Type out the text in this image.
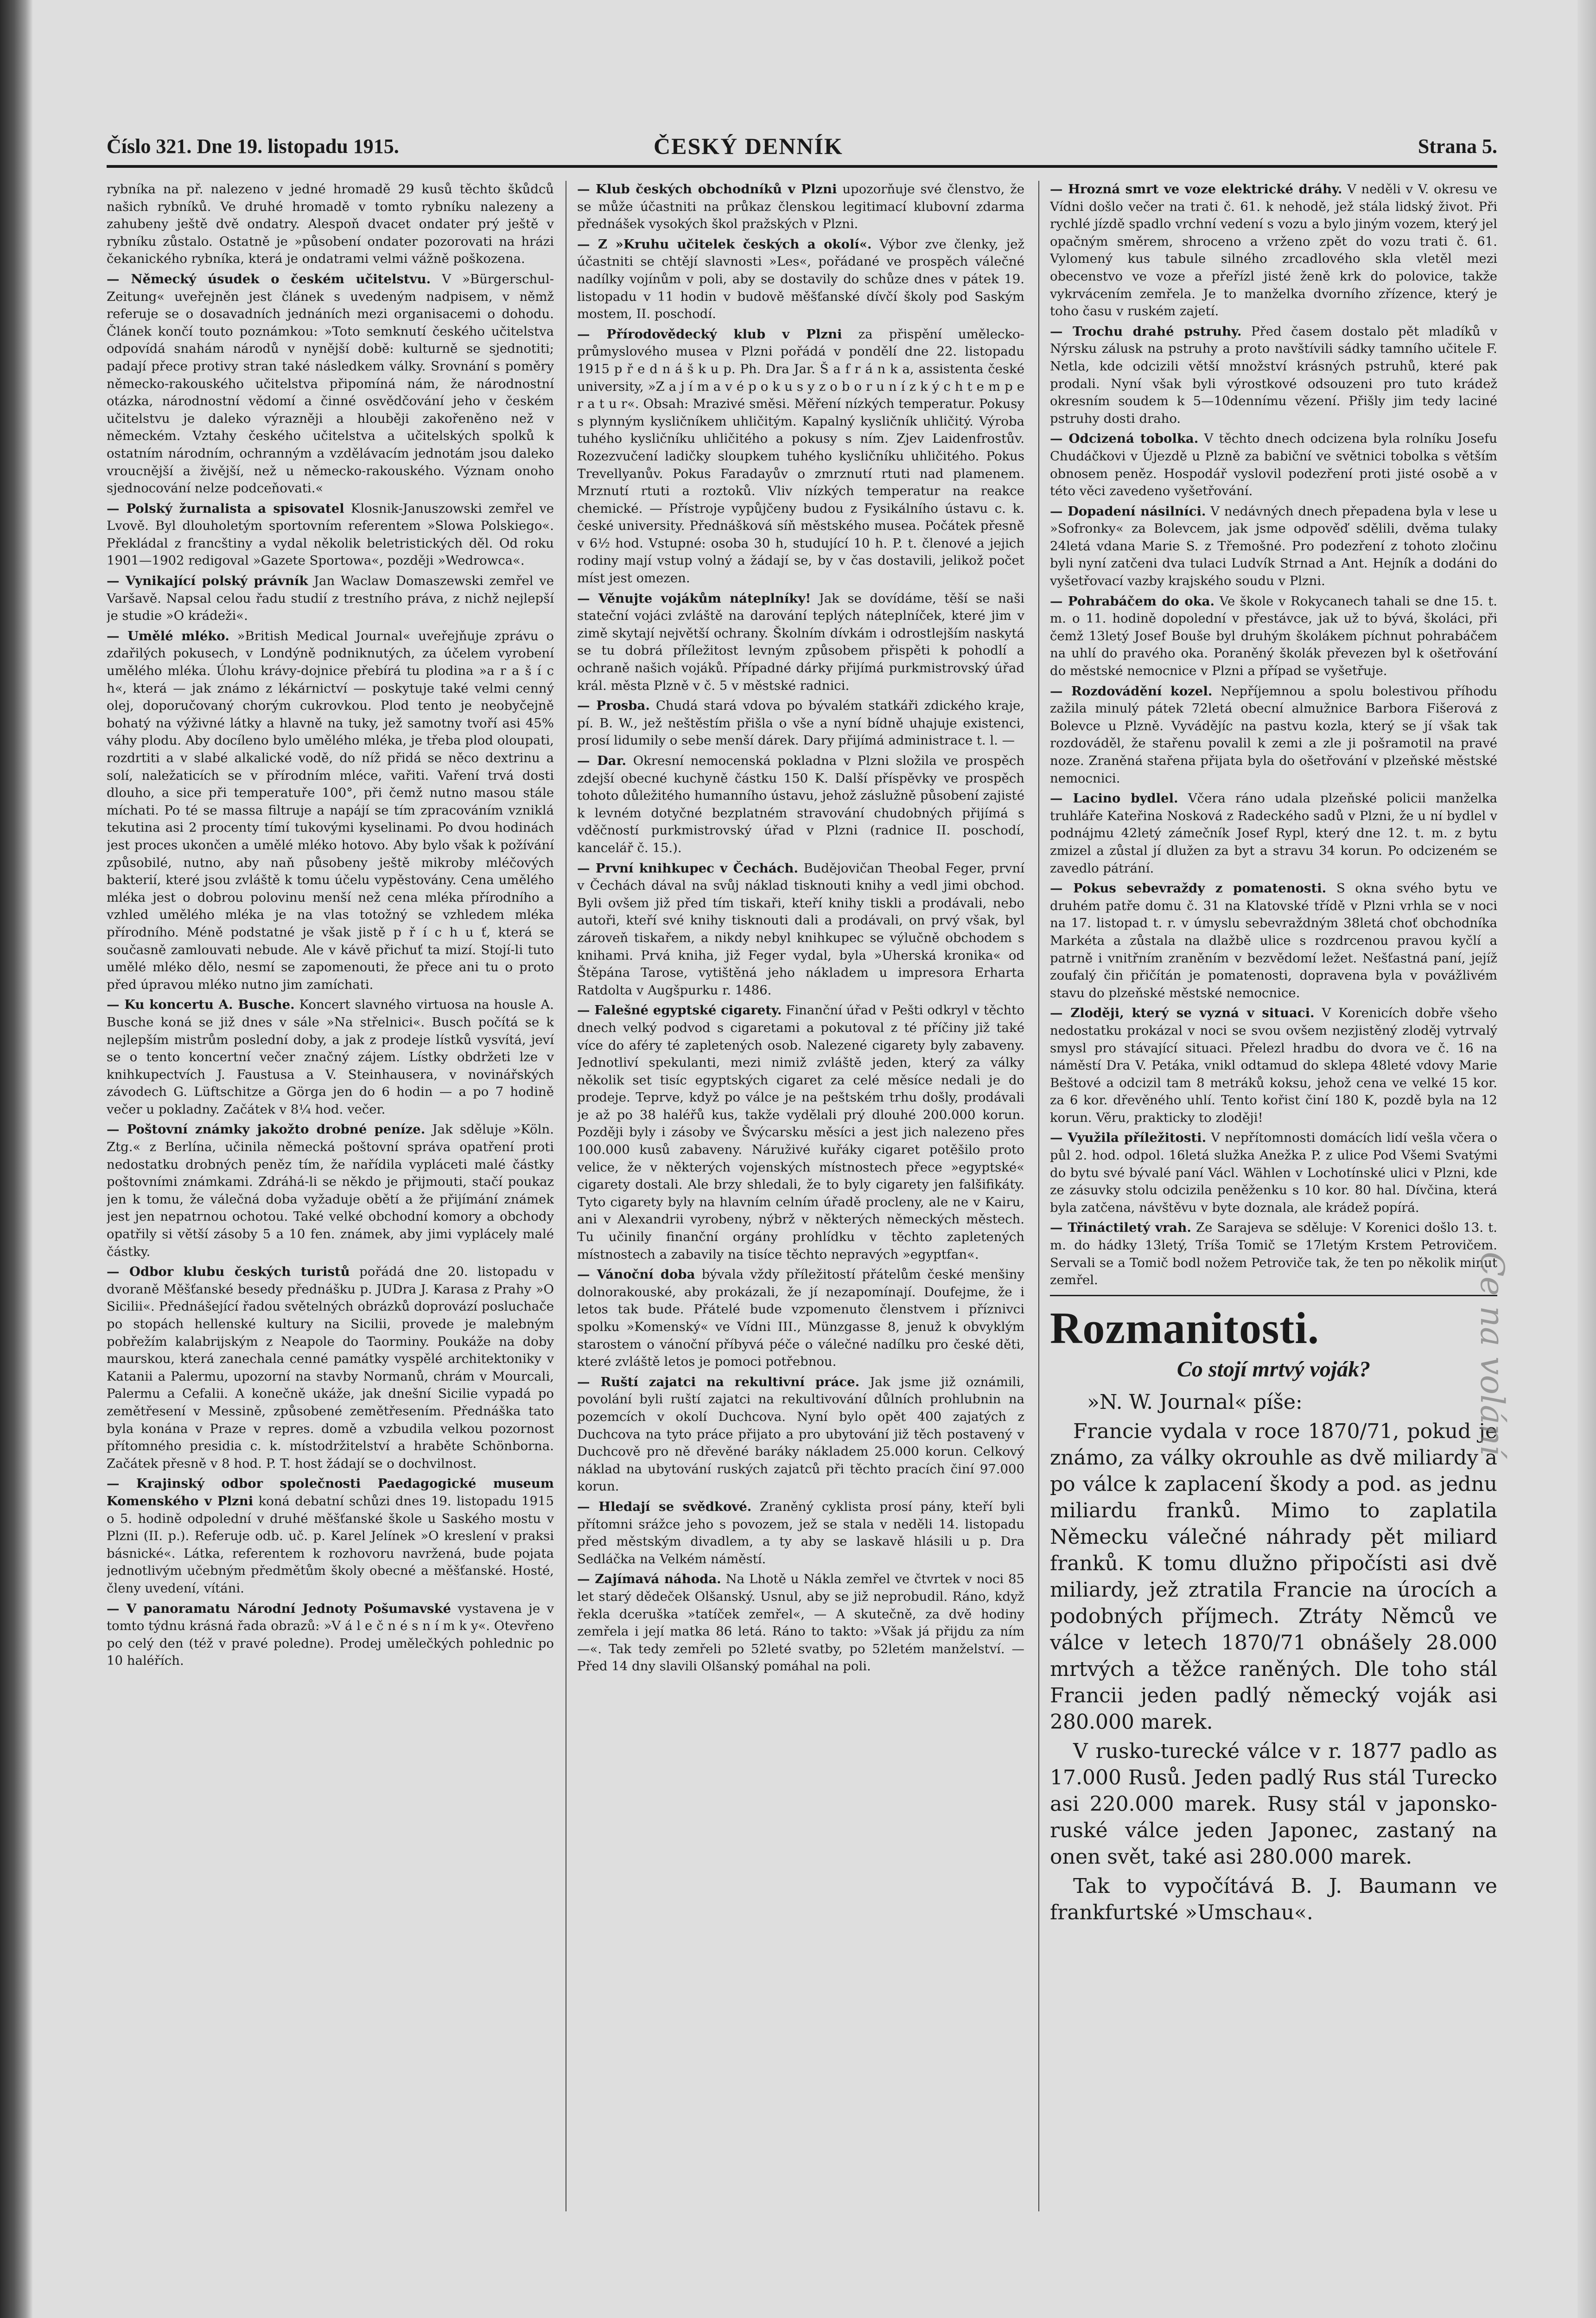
Číslo 321. Dne 19. listopadu 1915.	ČESKÝ DENNÍK	Strana 5.

rybníka na př. nalezeno v jedné hromadě 29 kusů těchto škůdců našich rybníků. Ve druhé hromadě v tomto rybníku nalezeny a zahubeny ještě dvě ondatry. Alespoň dvacet ondater prý ještě v rybníku zůstalo. Ostatně je »působení ondater pozorovati na hrázi čekanického rybníka, která je ondatrami velmi vážně poškozena.

— Německý úsudek o českém učitelstvu. V »Bürgerschul-Zeitung« uveřejněn jest článek s uvedeným nadpisem, v němž referuje se o dosavadních jednáních mezi organisacemi o dohodu. Článek končí touto poznámkou: »Toto semknutí českého učitelstva odpovídá snahám národů v nynější době: kulturně se sjednotiti; padají přece protivy stran také následkem války. Srovnání s poměry německo-rakouského učitelstva připomíná nám, že národnostní otázka, národnostní vědomí a činné osvědčování jeho v českém učitelstvu je daleko výrazněji a hlouběji zakořeněno než v německém. Vztahy českého učitelstva a učitelských spolků k ostatním národním, ochranným a vzdělávacím jednotám jsou daleko vroucnější a živější, než u německo-rakouského. Význam onoho sjednocování nelze podceňovati.«

— Polský žurnalista a spisovatel Klosnik-Januszowski zemřel ve Lvově. Byl dlouholetým sportovním referentem »Slowa Polskiego«. Překládal z francštiny a vydal několik beletristických děl. Od roku 1901—1902 redigoval »Gazete Sportowa«, později »Wedrowca«.

— Vynikající polský právník Jan Waclaw Domaszewski zemřel ve Varšavě. Napsal celou řadu studií z trestního práva, z nichž nejlepší je studie »O krádeži«.

— Umělé mléko. »British Medical Journal« uveřejňuje zprávu o zdařilých pokusech, v Londýně podniknutých, za účelem vyrobení umělého mléka. Úlohu krávy-dojnice přebírá tu plodina »a r a š í c h«, která — jak známo z lékárnictví — poskytuje také velmi cenný olej, doporučovaný chorým cukrovkou. Plod tento je neobyčejně bohatý na výživné látky a hlavně na tuky, jež samotny tvoří asi 45% váhy plodu. Aby docíleno bylo umělého mléka, je třeba plod oloupati, rozdrtiti a v slabé alkalické vodě, do níž přidá se něco dextrinu a solí, naležaticích se v přírodním mléce, vařiti. Vaření trvá dosti dlouho, a sice při temperatuře 100°, při čemž nutno masou stále míchati. Po té se massa filtruje a napájí se tím zpracováním vzniklá tekutina asi 2 procenty tímí tukovými kyselinami. Po dvou hodinách jest proces ukončen a umělé mléko hotovo. Aby bylo však k požívání způsobilé, nutno, aby naň působeny ještě mikroby mléčových bakterií, které jsou zvláště k tomu účelu vypěstovány. Cena umělého mléka jest o dobrou polovinu menší než cena mléka přírodního a vzhled umělého mléka je na vlas totožný se vzhledem mléka přírodního. Méně podstatné je však jistě p ř í c h u ť, která se současně zamlouvati nebude. Ale v kávě přichuť ta mizí. Stojí-li tuto umělé mléko dělo, nesmí se zapomenouti, že přece ani tu o proto před úpravou mléko nutno jim zamíchati.

— Ku koncertu A. Busche. Koncert slavného virtuosa na housle A. Busche koná se již dnes v sále »Na střelnici«. Busch počítá se k nejlepším mistrům poslední doby, a jak z prodeje lístků vysvítá, jeví se o tento koncertní večer značný zájem. Lístky obdržeti lze v knihkupectvích J. Faustusa a V. Steinhausera, v novinářských závodech G. Lüftschitze a Görga jen do 6 hodin — a po 7 hodině večer u pokladny. Začátek v 8¼ hod. večer.

— Poštovní známky jakožto drobné peníze. Jak sděluje »Köln. Ztg.« z Berlína, učinila německá poštovní správa opatření proti nedostatku drobných peněz tím, že nařídila vypláceti malé částky poštovními známkami. Zdráhá-li se někdo je přijmouti, stačí poukaz jen k tomu, že válečná doba vyžaduje obětí a že přijímání známek jest jen nepatrnou ochotou. Také velké obchodní komory a obchody opatřily si větší zásoby 5 a 10 fen. známek, aby jimi vyplácely malé částky.

— Odbor klubu českých turistů pořádá dne 20. listopadu v dvoraně Měšťanské besedy přednášku p. JUDra J. Karasa z Prahy »O Sicilii«. Přednášející řadou světelných obrázků doprovází posluchače po stopách hellenské kultury na Sicilii, provede je malebným pobřežím kalabrijským z Neapole do Taorminy. Poukáže na doby maurskou, která zanechala cenné památky vyspělé architektoniky v Katanii a Palermu, upozorní na stavby Normanů, chrám v Mourcali, Palermu a Cefalii. A konečně ukáže, jak dnešní Sicilie vypadá po zemětřesení v Messině, způsobené zemětřesením. Přednáška tato byla konána v Praze v repres. domě a vzbudila velkou pozornost přítomného presidia c. k. místodržitelství a hraběte Schönborna. Začátek přesně v 8 hod. P. T. host žádají se o dochvilnost.

— Krajinský odbor společnosti Paedagogické museum Komenského v Plzni koná debatní schůzi dnes 19. listopadu 1915 o 5. hodině odpolední v druhé měšťanské škole u Saského mostu v Plzni (II. p.). Referuje odb. uč. p. Karel Jelínek »O kreslení v praksi básnické«. Látka, referentem k rozhovoru navržená, bude pojata jednotlivým učebným předmětům školy obecné a měšťanské. Hosté, členy uvedení, vítáni.

— V panoramatu Národní Jednoty Pošumavské vystavena je v tomto týdnu krásná řada obrazů: »V á l e č n é s n í m k y«. Otevřeno po celý den (též v pravé poledne). Prodej umělečkých pohlednic po 10 haléřích.

— Klub českých obchodníků v Plzni upozorňuje své členstvo, že se může účastniti na průkaz členskou legitimací klubovní zdarma přednášek vysokých škol pražských v Plzni.

— Z »Kruhu učitelek českých a okolí«. Výbor zve členky, jež účastniti se chtějí slavnosti »Les«, pořádané ve prospěch válečné nadílky vojínům v poli, aby se dostavily do schůze dnes v pátek 19. listopadu v 11 hodin v budově měšťanské dívčí školy pod Saským mostem, II. poschodí.

— Přírodovědecký klub v Plzni za přispění umělecko-průmyslového musea v Plzni pořádá v pondělí dne 22. listopadu 1915 p ř e d n á š k u p. Ph. Dra Jar. Š a f r á n k a, assistenta české university, »Z a j í m a v é p o k u s y z o b o r u n í z k ý c h t e m p e r a t u r«. Obsah: Mrazivé směsi. Měření nízkých temperatur. Pokusy s plynným kysličníkem uhličitým. Kapalný kysličník uhličitý. Výroba tuhého kysličníku uhličitého a pokusy s ním. Zjev Laidenfrostův. Rozezvučení ladičky sloupkem tuhého kysličníku uhličitého. Pokus Trevellyanův. Pokus Faradayův o zmrznutí rtuti nad plamenem. Mrznutí rtuti a roztoků. Vliv nízkých temperatur na reakce chemické. — Přístroje vypůjčeny budou z Fysikálního ústavu c. k. české university. Přednášková síň městského musea. Počátek přesně v 6½ hod. Vstupné: osoba 30 h, studující 10 h. P. t. členové a jejich rodiny mají vstup volný a žádají se, by v čas dostavili, jelikož počet míst jest omezen.

— Věnujte vojákům náteplníky! Jak se dovídáme, těší se naši stateční vojáci zvláště na darování teplých náteplníček, které jim v zimě skytají největší ochrany. Školním dívkám i odrostlejším naskytá se tu dobrá příležitost levným způsobem přispěti k pohodlí a ochraně našich vojáků. Případné dárky přijímá purkmistrovský úřad král. města Plzně v č. 5 v městské radnici.

— Prosba. Chudá stará vdova po bývalém statkáři zdického kraje, pí. B. W., jež neštěstím přišla o vše a nyní bídně uhajuje existenci, prosí lidumily o sebe menší dárek. Dary přijímá administrace t. l. —

— Dar. Okresní nemocenská pokladna v Plzni složila ve prospěch zdejší obecné kuchyně částku 150 K. Další příspěvky ve prospěch tohoto důležitého humanního ústavu, jehož záslužně působení zajisté k levném dotyčné bezplatném stravování chudobných přijímá s vděčností purkmistrovský úřad v Plzni (radnice II. poschodí, kancelář č. 15.).

— První knihkupec v Čechách. Budějovičan Theobal Feger, první v Čechách dával na svůj náklad tisknouti knihy a vedl jimi obchod. Byli ovšem již před tím tiskaři, kteří knihy tiskli a prodávali, nebo autoři, kteří své knihy tisknouti dali a prodávali, on prvý však, byl zároveň tiskařem, a nikdy nebyl knihkupec se výlučně obchodem s knihami. Prvá kniha, již Feger vydal, byla »Uherská kronika« od Štěpána Tarose, vytištěná jeho nákladem u impresora Erharta Ratdolta v Augšpurku r. 1486.

— Falešné egyptské cigarety. Finanční úřad v Pešti odkryl v těchto dnech velký podvod s cigaretami a pokutoval z té příčiny již také více do aféry té zapletených osob. Nalezené cigarety byly zabaveny. Jednotliví spekulanti, mezi nimiž zvláště jeden, který za války několik set tisíc egyptských cigaret za celé měsíce nedali je do prodeje. Teprve, když po válce je na peštském trhu došly, prodávali je až po 38 haléřů kus, takže vydělali prý dlouhé 200.000 korun. Později byly i zásoby ve Švýcarsku měsíci a jest jich nalezeno přes 100.000 kusů zabaveny. Náruživé kuřáky cigaret potěšilo proto velice, že v některých vojenských místnostech přece »egyptské« cigarety dostali. Ale brzy shledali, že to byly cigarety jen falšifikáty. Tyto cigarety byly na hlavním celním úřadě procleny, ale ne v Kairu, ani v Alexandrii vyrobeny, nýbrž v některých německých městech. Tu učinily finanční orgány prohlídku v těchto zapletených místnostech a zabavily na tisíce těchto nepravých »egyptfan«.

— Vánoční doba bývala vždy příležitostí přátelům české menšiny dolnorakouské, aby prokázali, že jí nezapomínají. Doufejme, že i letos tak bude. Přátelé bude vzpomenuto členstvem i příznivci spolku »Komenský« ve Vídni III., Münzgasse 8, jenuž k obvyklým starostem o vánoční příbyvá péče o válečné nadílku pro české děti, které zvláště letos je pomoci potřebnou.

— Ruští zajatci na rekultivní práce. Jak jsme již oznámili, povolání byli ruští zajatci na rekultivování důlních prohlubnin na pozemcích v okolí Duchcova. Nyní bylo opět 400 zajatých z Duchcova na tyto práce přijato a pro ubytování již těch postavený v Duchcově pro ně dřevěné baráky nákladem 25.000 korun. Celkový náklad na ubytování ruských zajatců při těchto pracích činí 97.000 korun.

— Hledají se svědkové. Zraněný cyklista prosí pány, kteří byli přítomni srážce jeho s povozem, jež se stala v neděli 14. listopadu před městským divadlem, a ty aby se laskavě hlásili u p. Dra Sedláčka na Velkém náměstí.

— Zajímavá náhoda. Na Lhotě u Nákla zemřel ve čtvrtek v noci 85 let starý dědeček Olšanský. Usnul, aby se již neprobudil. Ráno, když řekla dceruška »tatíček zemřel«, — A skutečně, za dvě hodiny zemřela i její matka 86 letá. Ráno to takto: »Však já přijdu za ním —«. Tak tedy zemřeli po 52leté svatby, po 52letém manželství. — Před 14 dny slavili Olšanský pomáhal na poli.

— Hrozná smrt ve voze elektrické dráhy. V neděli v V. okresu ve Vídni došlo večer na trati č. 61. k nehodě, jež stála lidský život. Při rychlé jízdě spadlo vrchní vedení s vozu a bylo jiným vozem, který jel opačným směrem, shroceno a vrženo zpět do vozu trati č. 61. Vylomený kus tabule silného zrcadlového skla vletěl mezi obecenstvo ve voze a přeřízl jisté ženě krk do polovice, takže vykrvácením zemřela. Je to manželka dvorního zřízence, který je toho času v ruském zajetí.

— Trochu drahé pstruhy. Před časem dostalo pět mladíků v Nýrsku zálusk na pstruhy a proto navštívili sádky tamního učitele F. Netla, kde odcizili větší množství krásných pstruhů, které pak prodali. Nyní však byli výrostkové odsouzeni pro tuto krádež okresním soudem k 5—10dennímu vězení. Přišly jim tedy laciné pstruhy dosti draho.

— Odcizená tobolka. V těchto dnech odcizena byla rolníku Josefu Chudáčkovi v Újezdě u Plzně za babiční ve světnici tobolka s větším obnosem peněz. Hospodář vyslovil podezření proti jisté osobě a v této věci zavedeno vyšetřování.

— Dopadení násilníci. V nedávných dnech přepadena byla v lese u »Sofronky« za Bolevcem, jak jsme odpověď sdělili, dvěma tulaky 24letá vdana Marie S. z Třemošné. Pro podezření z tohoto zločinu byli nyní zatčeni dva tulaci Ludvík Strnad a Ant. Hejník a dodáni do vyšetřovací vazby krajského soudu v Plzni.

— Pohrabáčem do oka. Ve škole v Rokycanech tahali se dne 15. t. m. o 11. hodině dopolední v přestávce, jak už to bývá, školáci, při čemž 13letý Josef Bouše byl druhým školákem píchnut pohrabáčem na uhlí do pravého oka. Poraněný školák převezen byl k ošetřování do městské nemocnice v Plzni a případ se vyšetřuje.

— Rozdovádění kozel. Nepříjemnou a spolu bolestivou příhodu zažila minulý pátek 72letá obecní almužnice Barbora Fišerová z Bolevce u Plzně. Vyvádějíc na pastvu kozla, který se jí však tak rozdováděl, že stařenu povalil k zemi a zle ji pošramotil na pravé noze. Zraněná stařena přijata byla do ošetřování v plzeňské městské nemocnici.

— Lacino bydlel. Včera ráno udala plzeňské policii manželka truhláře Kateřina Nosková z Radeckého sadů v Plzni, že u ní bydlel v podnájmu 42letý zámečník Josef Rypl, který dne 12. t. m. z bytu zmizel a zůstal jí dlužen za byt a stravu 34 korun. Po odcizeném se zavedlo pátrání.

— Pokus sebevraždy z pomatenosti. S okna svého bytu ve druhém patře domu č. 31 na Klatovské třídě v Plzni vrhla se v noci na 17. listopad t. r. v úmyslu sebevraždným 38letá choť obchodníka Markéta a zůstala na dlažbě ulice s rozdrcenou pravou kyčlí a patrně i vnitřním zraněním v bezvědomí ležet. Nešťastná paní, jejíž zoufalý čin přičítán je pomatenosti, dopravena byla v povážlivém stavu do plzeňské městské nemocnice.

— Zloději, který se vyzná v situaci. V Korenicích dobře všeho nedostatku prokázal v noci se svou ovšem nezjistěný zloděj vytrvalý smysl pro stávající situaci. Přelezl hradbu do dvora ve č. 16 na náměstí Dra V. Petáka, vnikl odtamud do sklepa 48leté vdovy Marie Beštové a odcizil tam 8 metráků koksu, jehož cena ve velké 15 kor. za 6 kor. dřevěného uhlí. Tento kořist činí 180 K, pozdě byla na 12 korun. Věru, prakticky to zloději!

— Využila příležitosti. V nepřítomnosti domácích lidí vešla včera o půl 2. hod. odpol. 16letá služka Anežka P. z ulice Pod Všemi Svatými do bytu své bývalé paní Václ. Wählen v Lochotínské ulici v Plzni, kde ze zásuvky stolu odcizila peněženku s 10 kor. 80 hal. Dívčina, která byla zatčena, návštěvu v byte doznala, ale krádež popírá.

— Třináctiletý vrah. Ze Sarajeva se sděluje: V Korenici došlo 13. t. m. do hádky 13letý, Tríša Tomič se 17letým Krstem Petrovičem. Servali se a Tomič bodl nožem Petroviče tak, že ten po několik minut zemřel.

Rozmanitosti.
Co stojí mrtvý voják?

»N. W. Journal« píše:

Francie vydala v roce 1870/71, pokud je známo, za války okrouhle as dvě miliardy a po válce k zaplacení škody a pod. as jednu miliardu franků. Mimo to zaplatila Německu válečné náhrady pět miliard franků. K tomu dlužno připočísti asi dvě miliardy, jež ztratila Francie na úrocích a podobných příjmech. Ztráty Němců ve válce v letech 1870/71 obnášely 28.000 mrtvých a těžce raněných. Dle toho stál Francii jeden padlý německý voják asi 280.000 marek.

V rusko-turecké válce v r. 1877 padlo as 17.000 Rusů. Jeden padlý Rus stál Turecko asi 220.000 marek. Rusy stál v japonsko-ruské válce jeden Japonec, zastaný na onen svět, také asi 280.000 marek.

Tak to vypočítává B. J. Baumann ve frankfurtské »Umschau«.

Ce na volání
